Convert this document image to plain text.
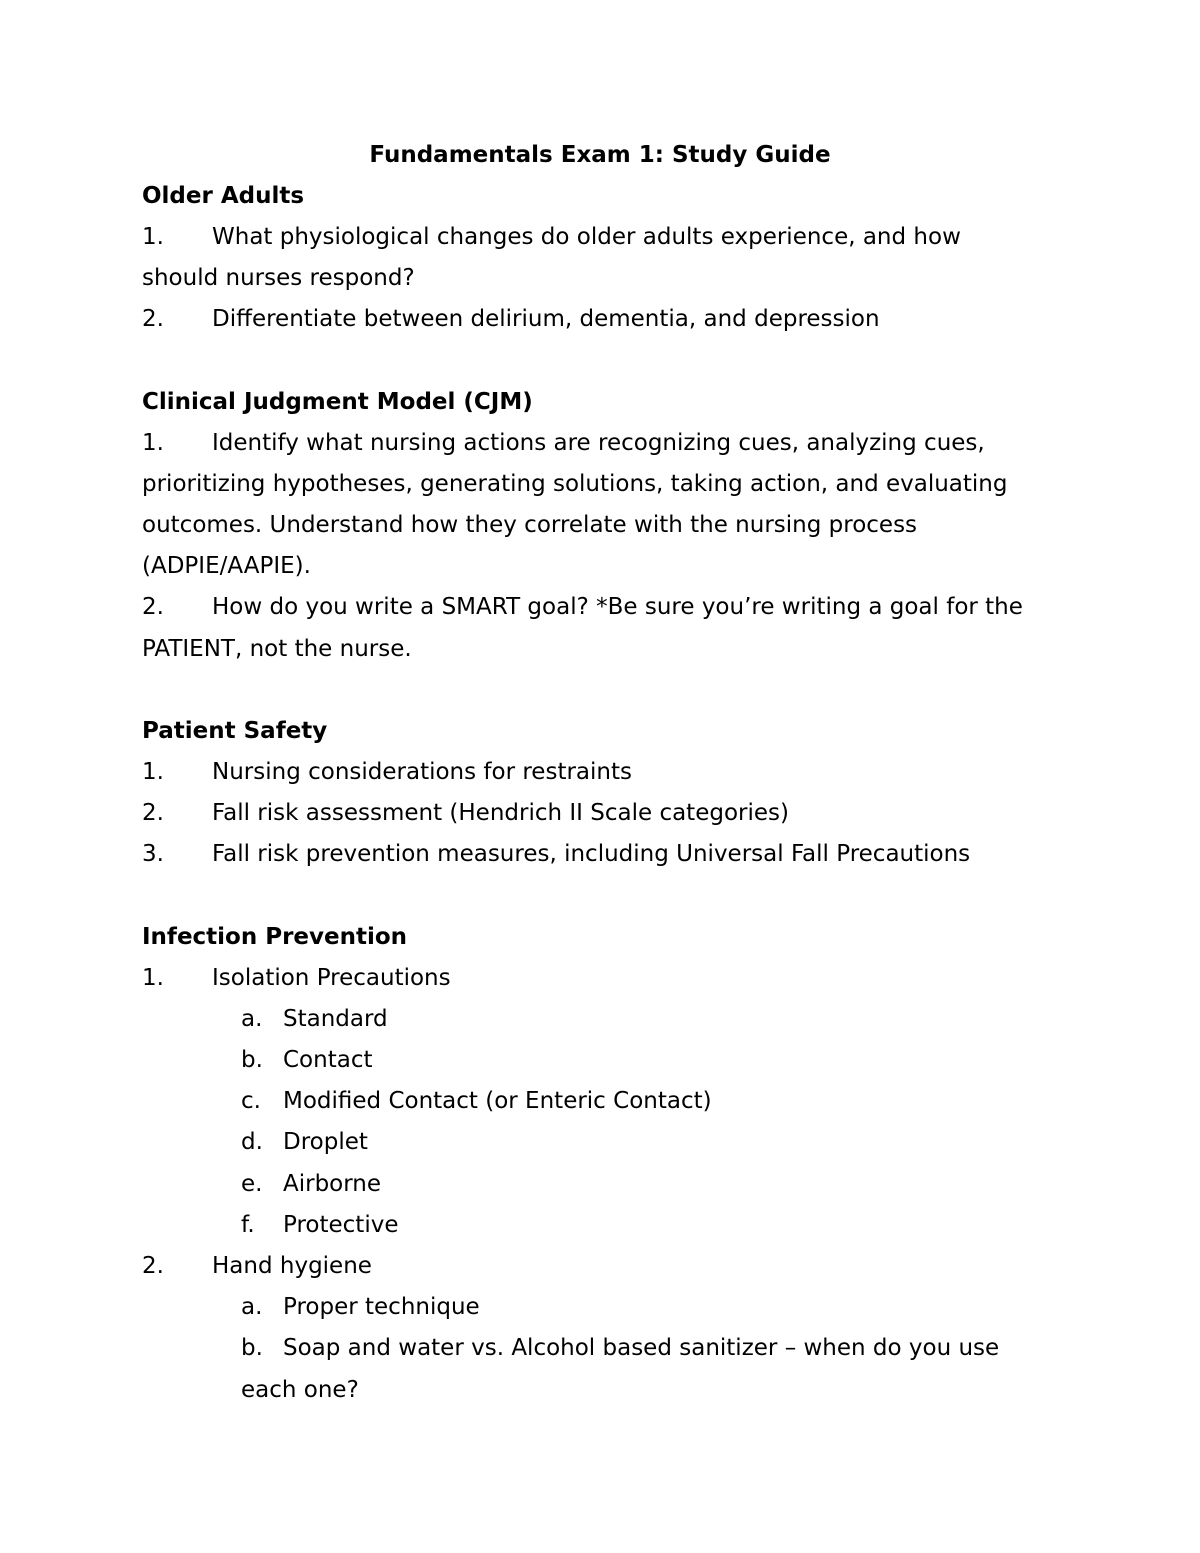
Fundamentals Exam 1: Study Guide
Older Adults
1. What physiological changes do older adults experience, and how
should nurses respond?
2. Differentiate between delirium, dementia, and depression
Clinical Judgment Model (CJM)
1. Identify what nursing actions are recognizing cues, analyzing cues,
prioritizing hypotheses, generating solutions, taking action, and evaluating
outcomes. Understand how they correlate with the nursing process
(ADPIE/AAPIE).
2. How do you write a SMART goal? *Be sure you’re writing a goal for the
PATIENT, not the nurse.
Patient Safety
1. Nursing considerations for restraints
2. Fall risk assessment (Hendrich II Scale categories)
3. Fall risk prevention measures, including Universal Fall Precautions
Infection Prevention
1. Isolation Precautions
a. Standard
b. Contact
c. Modified Contact (or Enteric Contact)
d. Droplet
e. Airborne
f. Protective
2. Hand hygiene
a. Proper technique
b. Soap and water vs. Alcohol based sanitizer – when do you use
each one?
